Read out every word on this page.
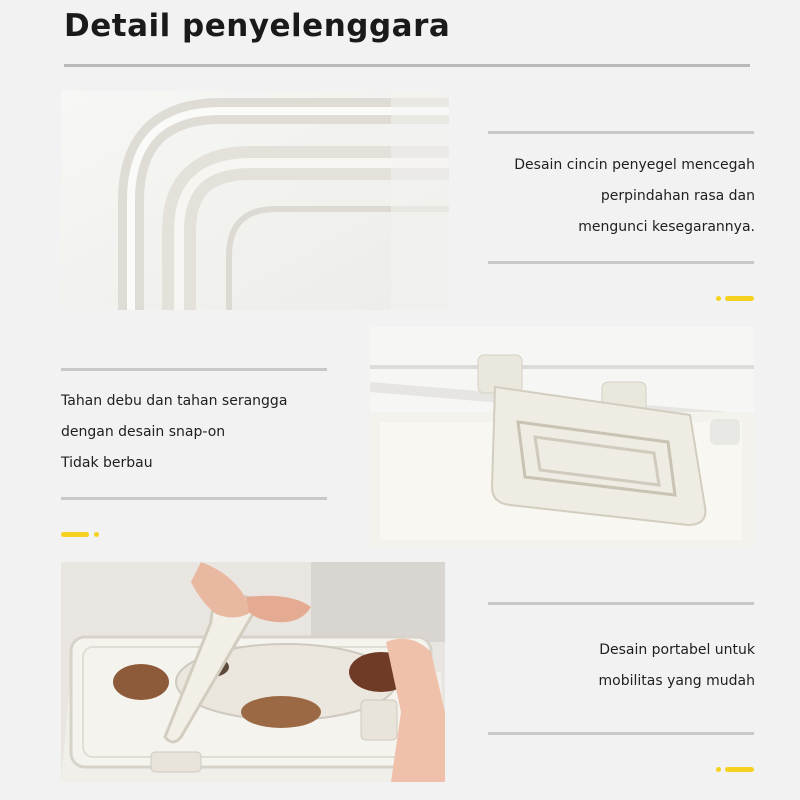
Detail penyelenggara
Desain cincin penyegel mencegah
perpindahan rasa dan
mengunci kesegarannya.
Tahan debu dan tahan serangga
dengan desain snap-on
Tidak berbau
Desain portabel untuk
mobilitas yang mudah
